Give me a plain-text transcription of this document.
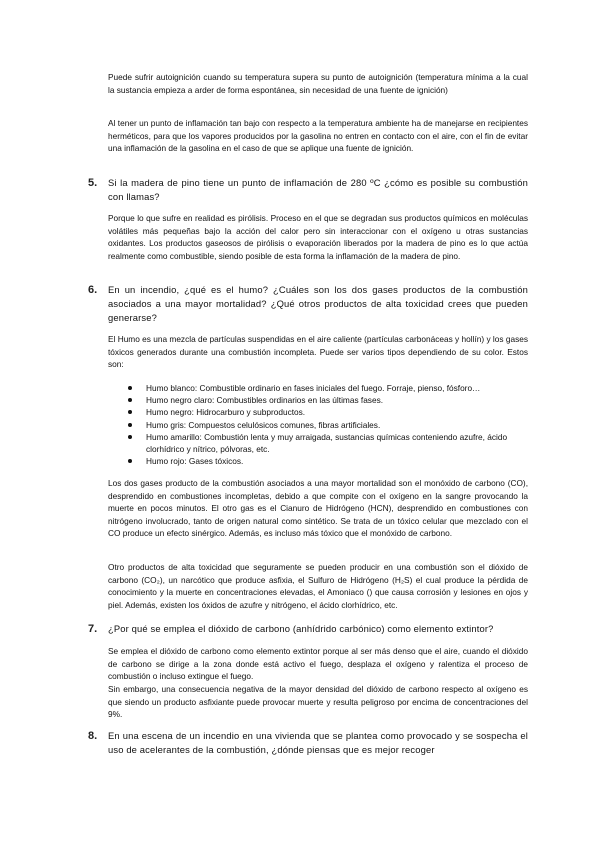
Puede sufrir autoignición cuando su temperatura supera su punto de autoignición (temperatura mínima a la cual la sustancia empieza a arder de forma espontánea, sin necesidad de una fuente de ignición)

Al tener un punto de inflamación tan bajo con respecto a la temperatura ambiente ha de manejarse en recipientes herméticos, para que los vapores producidos por la gasolina no entren en contacto con el aire, con el fin de evitar una inflamación de la gasolina en el caso de que se aplique una fuente de ignición.

5. Si la madera de pino tiene un punto de inflamación de 280 ºC ¿cómo es posible su combustión con llamas?

Porque lo que sufre en realidad es pirólisis. Proceso en el que se degradan sus productos químicos en moléculas volátiles más pequeñas bajo la acción del calor pero sin interaccionar con el oxígeno u otras sustancias oxidantes. Los productos gaseosos de pirólisis o evaporación liberados por la madera de pino es lo que actúa realmente como combustible, siendo posible de esta forma la inflamación de la madera de pino.

6. En un incendio, ¿qué es el humo? ¿Cuáles son los dos gases productos de la combustión asociados a una mayor mortalidad? ¿Qué otros productos de alta toxicidad crees que pueden generarse?

El Humo es una mezcla de partículas suspendidas en el aire caliente (partículas carbonáceas y hollín) y los gases tóxicos generados durante una combustión incompleta. Puede ser varios tipos dependiendo de su color. Estos son:

Humo blanco: Combustible ordinario en fases iniciales del fuego. Forraje, pienso, fósforo…
Humo negro claro: Combustibles ordinarios en las últimas fases.
Humo negro: Hidrocarburo y subproductos.
Humo gris: Compuestos celulósicos comunes, fibras artificiales.
Humo amarillo: Combustión lenta y muy arraigada, sustancias químicas conteniendo azufre, ácido clorhídrico y nítrico, pólvoras, etc.
Humo rojo: Gases tóxicos.

Los dos gases producto de la combustión asociados a una mayor mortalidad son el monóxido de carbono (CO), desprendido en combustiones incompletas, debido a que compite con el oxígeno en la sangre provocando la muerte en pocos minutos. El otro gas es el Cianuro de Hidrógeno (HCN), desprendido en combustiones con nitrógeno involucrado, tanto de origen natural como sintético. Se trata de un tóxico celular que mezclado con el CO produce un efecto sinérgico. Además, es incluso más tóxico que el monóxido de carbono.

Otro productos de alta toxicidad que seguramente se pueden producir en una combustión son el dióxido de carbono (CO₂), un narcótico que produce asfixia, el Sulfuro de Hidrógeno (H₂S) el cual produce la pérdida de conocimiento y la muerte en concentraciones elevadas, el Amoniaco () que causa corrosión y lesiones en ojos y piel. Además, existen los óxidos de azufre y nitrógeno, el ácido clorhídrico, etc.

7. ¿Por qué se emplea el dióxido de carbono (anhídrido carbónico) como elemento extintor?

Se emplea el dióxido de carbono como elemento extintor porque al ser más denso que el aire, cuando el dióxido de carbono se dirige a la zona donde está activo el fuego, desplaza el oxígeno y ralentiza el proceso de combustión o incluso extingue el fuego.

Sin embargo, una consecuencia negativa de la mayor densidad del dióxido de carbono respecto al oxígeno es que siendo un producto asfixiante puede provocar muerte y resulta peligroso por encima de concentraciones del 9%.

8. En una escena de un incendio en una vivienda que se plantea como provocado y se sospecha el uso de acelerantes de la combustión, ¿dónde piensas que es mejor recoger
